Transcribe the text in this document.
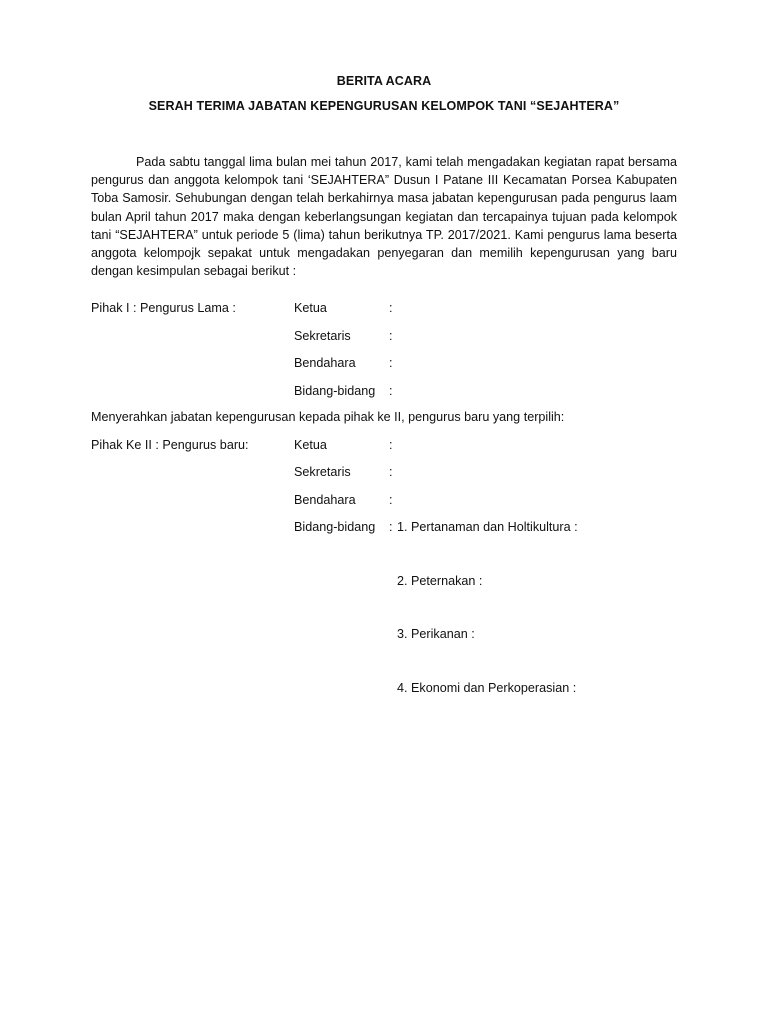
BERITA ACARA
SERAH TERIMA JABATAN KEPENGURUSAN KELOMPOK TANI “SEJAHTERA”

Pada sabtu tanggal lima bulan mei tahun 2017, kami telah mengadakan kegiatan rapat bersama pengurus dan anggota kelompok tani ‘SEJAHTERA” Dusun I Patane III Kecamatan Porsea Kabupaten Toba Samosir. Sehubungan dengan telah berkahirnya masa jabatan kepengurusan pada pengurus laam bulan April tahun 2017 maka dengan keberlangsungan kegiatan dan tercapainya tujuan pada kelompok tani “SEJAHTERA” untuk periode 5 (lima) tahun berikutnya TP. 2017/2021. Kami pengurus lama beserta anggota kelompojk sepakat untuk mengadakan penyegaran dan memilih kepengurusan yang baru dengan kesimpulan sebagai berikut :

Pihak I : Pengurus Lama :	Ketua	:
Sekretaris	:
Bendahara	:
Bidang-bidang :
Menyerahkan jabatan kepengurusan kepada pihak ke II, pengurus baru yang terpilih:
Pihak Ke II : Pengurus baru:	Ketua	:
Sekretaris	:
Bendahara	:
Bidang-bidang : 1. Pertanaman dan Holtikultura :
2. Peternakan :
3. Perikanan :
4. Ekonomi dan Perkoperasian :
